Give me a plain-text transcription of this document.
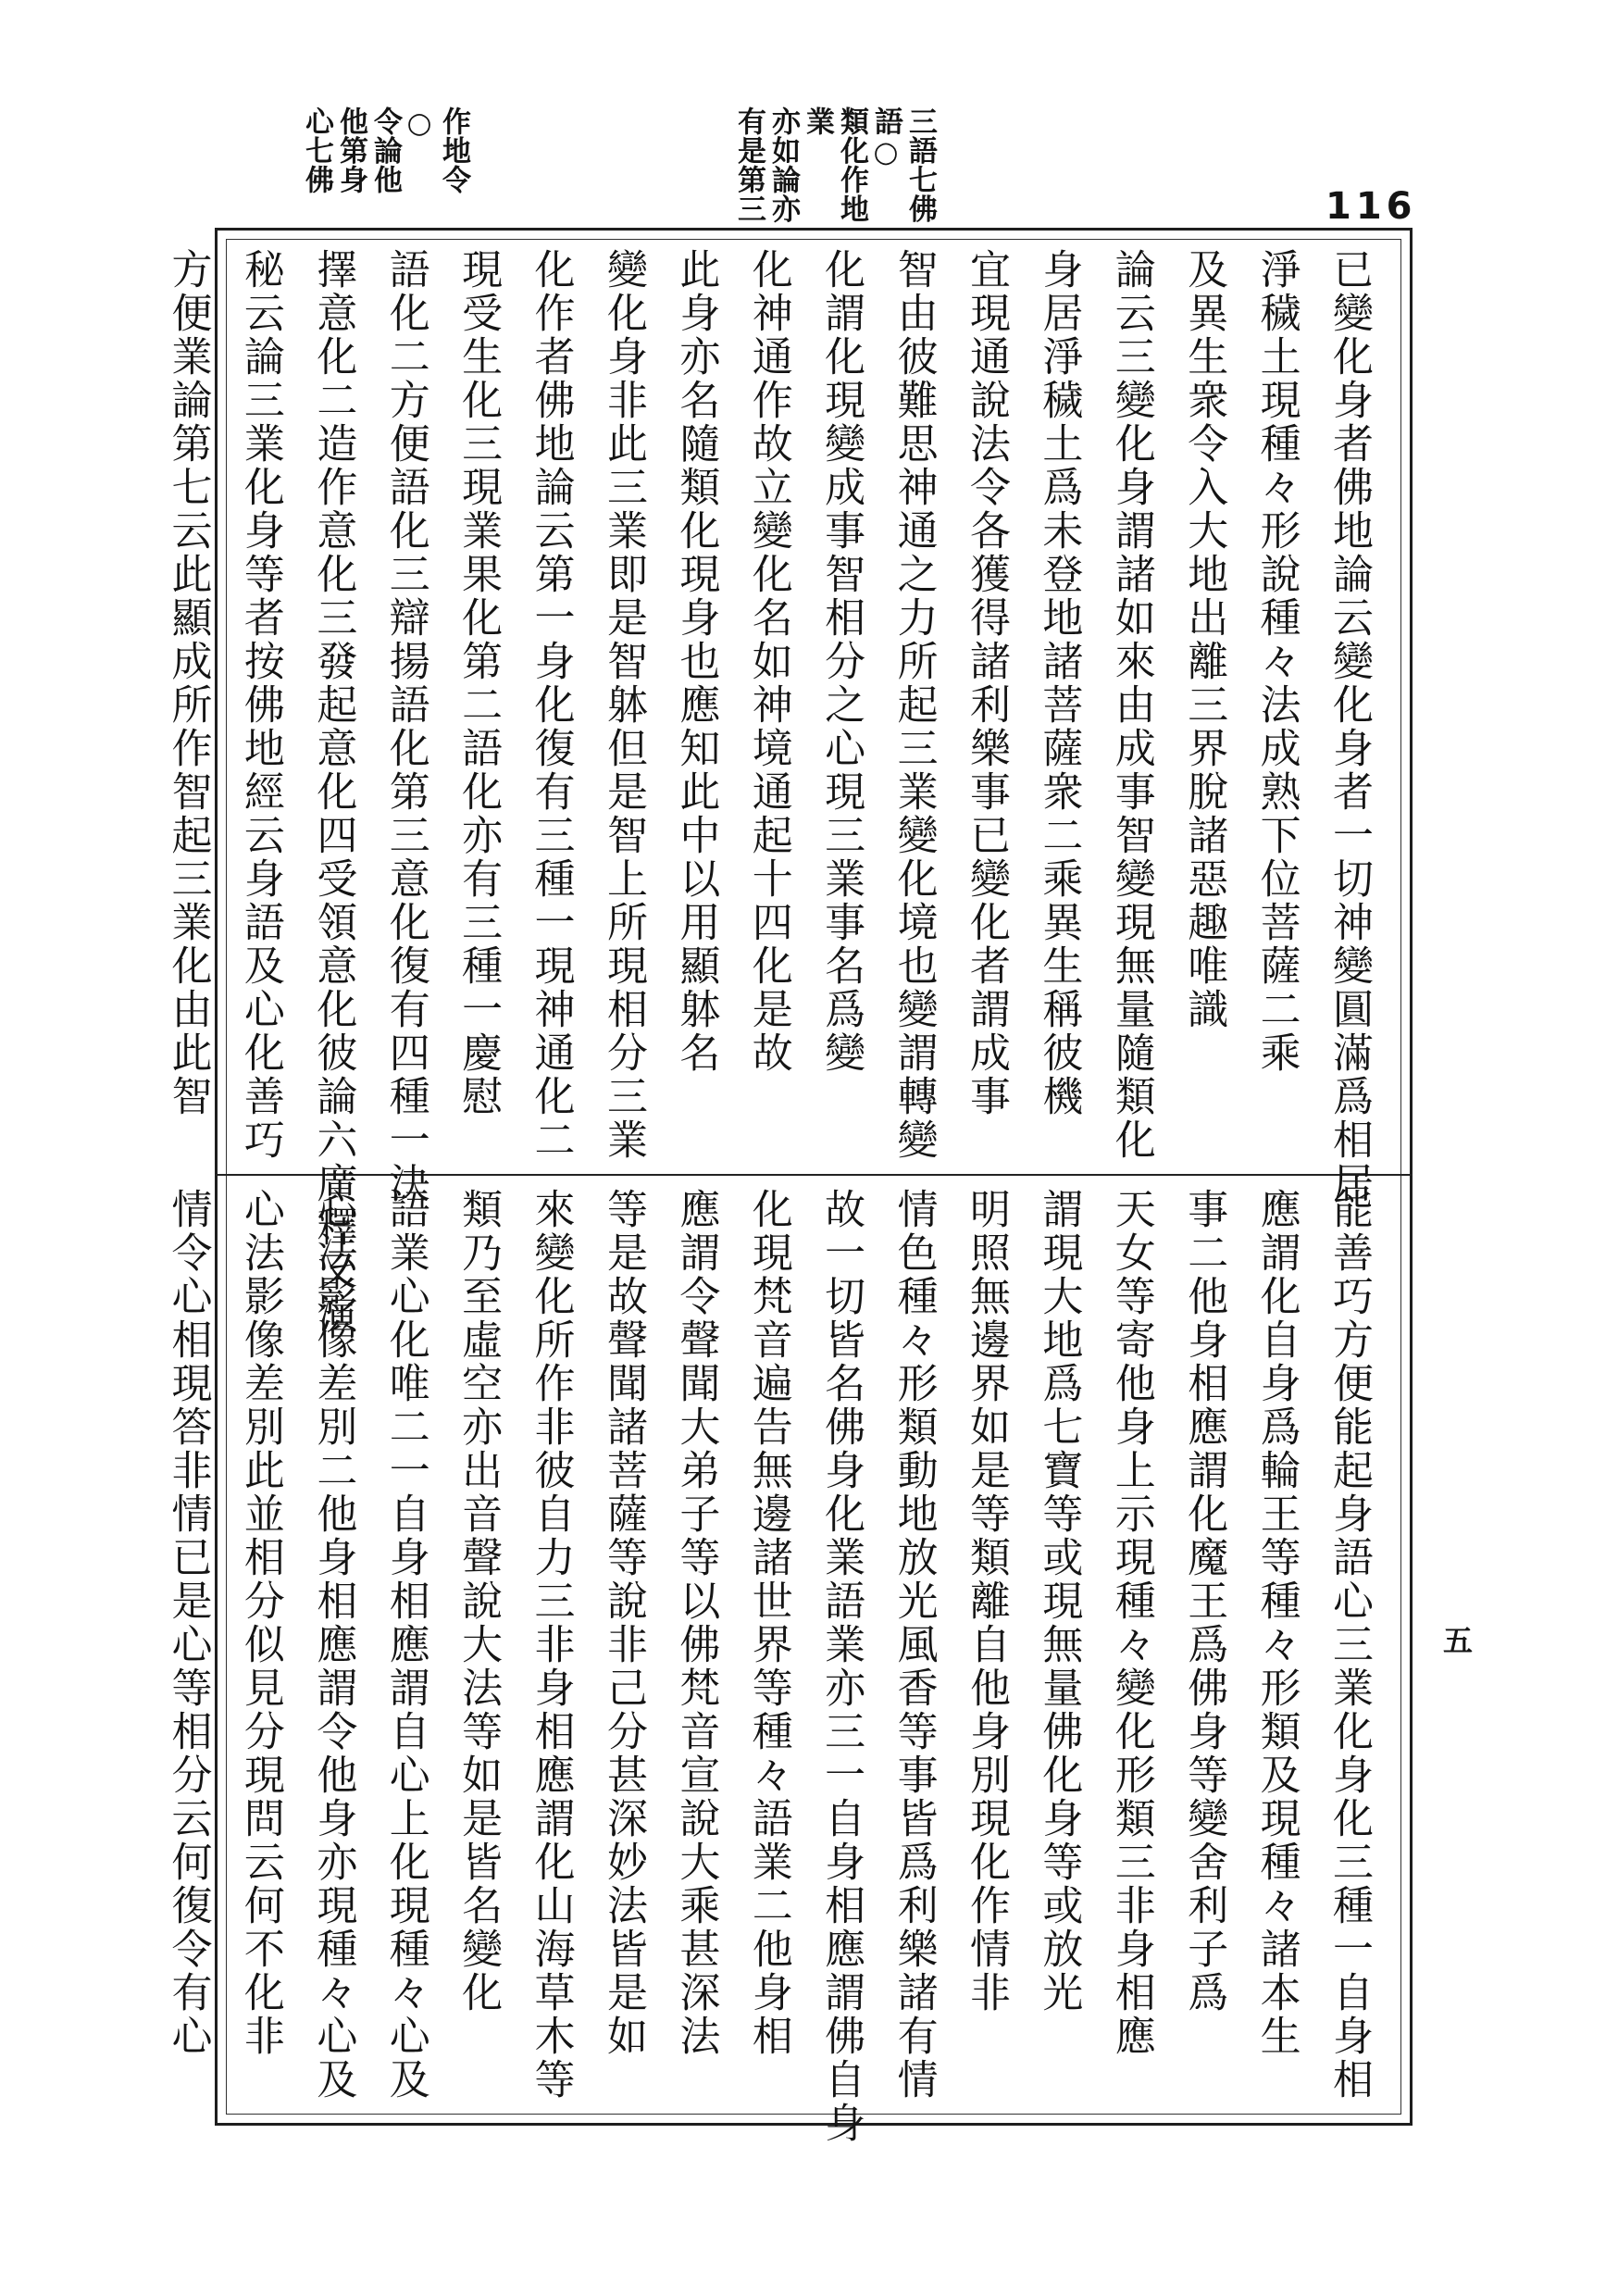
作地令○
令論他
他第身
心七佛	三語七佛語○
類化作地業
亦如論亦
有是第三	116
五
已變化身者佛地論云變化身者一切神變圓滿爲相居
淨穢土現種々形說種々法成熟下位菩薩二乘
及異生衆令入大地出離三界脫諸惡趣唯識
論云三變化身謂諸如來由成事智變現無量隨類化
身居淨穢土爲未登地諸菩薩衆二乘異生稱彼機
宜現通說法令各獲得諸利樂事已變化者謂成事
智由彼難思神通之力所起三業變化境也變謂轉變
化謂化現變成事智相分之心現三業事名爲變
化神通作故立變化名如神境通起十四化是故
此身亦名隨類化現身也應知此中以用顯躰名
變化身非此三業即是智躰但是智上所現相分三業
化作者佛地論云第一身化復有三種一現神通化二
現受生化三現業果化第二語化亦有三種一慶慰
語化二方便語化三辯揚語化第三意化復有四種一決
擇意化二造作意化三發起意化四受領意化彼論六廣釋又演
秘云論三業化身等者按佛地經云身語及心化善巧
方便業論第七云此顯成所作智起三業化由此智
能善巧方便能起身語心三業化身化三種一自身相
應謂化自身爲輪王等種々形類及現種々諸本生
事二他身相應謂化魔王爲佛身等變舍利子爲
天女等寄他身上示現種々變化形類三非身相應
謂現大地爲七寶等或現無量佛化身等或放光
明照無邊界如是等類離自他身別現化作情非
情色種々形類動地放光風香等事皆爲利樂諸有情
故一切皆名佛身化業語業亦三一自身相應謂佛自身
化現梵音遍告無邊諸世界等種々語業二他身相
應謂令聲聞大弟子等以佛梵音宣說大乘甚深法
等是故聲聞諸菩薩等說非己分甚深妙法皆是如
來變化所作非彼自力三非身相應謂化山海草木等
類乃至虛空亦出音聲說大法等如是皆名變化
語業心化唯二一自身相應謂自心上化現種々心及
心法影像差別二他身相應謂令他身亦現種々心及
心法影像差別此並相分似見分現問云何不化非
情令心相現答非情已是心等相分云何復令有心
